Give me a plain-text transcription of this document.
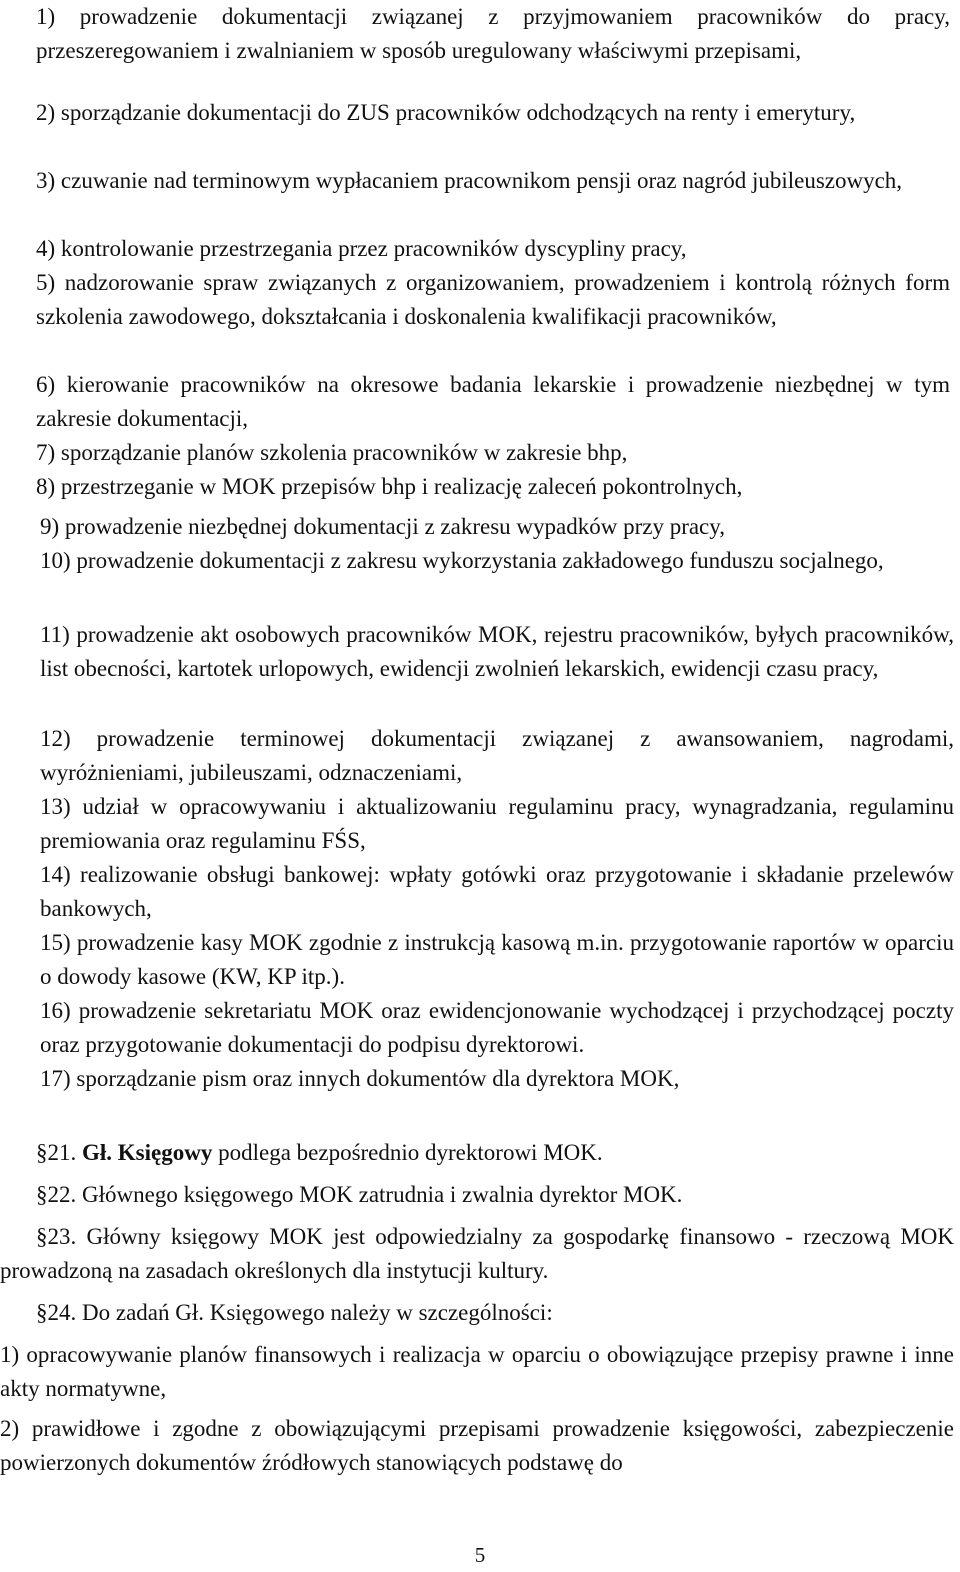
1) prowadzenie dokumentacji związanej z przyjmowaniem pracowników do pracy, przeszeregowaniem i zwalnianiem w sposób uregulowany właściwymi przepisami,

2) sporządzanie dokumentacji do ZUS pracowników odchodzących na renty i emerytury,

3) czuwanie nad terminowym wypłacaniem pracownikom pensji oraz nagród jubileuszowych,

4) kontrolowanie przestrzegania przez pracowników dyscypliny pracy,

5) nadzorowanie spraw związanych z organizowaniem, prowadzeniem i kontrolą różnych form szkolenia zawodowego, dokształcania i doskonalenia kwalifikacji pracowników,

6) kierowanie pracowników na okresowe badania lekarskie i prowadzenie niezbędnej w tym zakresie dokumentacji,

7) sporządzanie planów szkolenia pracowników w zakresie bhp,

8) przestrzeganie w MOK przepisów bhp i realizację zaleceń pokontrolnych,

9) prowadzenie niezbędnej dokumentacji z zakresu wypadków przy pracy,

10) prowadzenie dokumentacji z zakresu wykorzystania zakładowego funduszu socjalnego,

11) prowadzenie akt osobowych pracowników MOK, rejestru pracowników, byłych pracowników, list obecności, kartotek urlopowych, ewidencji zwolnień lekarskich, ewidencji czasu pracy,

12) prowadzenie terminowej dokumentacji związanej z awansowaniem, nagrodami, wyróżnieniami, jubileuszami, odznaczeniami,

13) udział w opracowywaniu i aktualizowaniu regulaminu pracy, wynagradzania, regulaminu premiowania oraz regulaminu FŚS,

14) realizowanie obsługi bankowej: wpłaty gotówki oraz przygotowanie i składanie przelewów bankowych,

15) prowadzenie kasy MOK zgodnie z instrukcją kasową m.in. przygotowanie raportów w oparciu o dowody kasowe (KW, KP itp.).

16) prowadzenie sekretariatu MOK oraz ewidencjonowanie wychodzącej i przychodzącej poczty oraz przygotowanie dokumentacji do podpisu dyrektorowi.

17) sporządzanie pism oraz innych dokumentów dla dyrektora MOK,

§21. Gł. Księgowy podlega bezpośrednio dyrektorowi MOK.

§22. Głównego księgowego MOK zatrudnia i zwalnia dyrektor MOK.

§23. Główny księgowy MOK jest odpowiedzialny za gospodarkę finansowo - rzeczową MOK prowadzoną na zasadach określonych dla instytucji kultury.

§24. Do zadań Gł. Księgowego należy w szczególności:

1) opracowywanie planów finansowych i realizacja w oparciu o obowiązujące przepisy prawne i inne akty normatywne,

2) prawidłowe i zgodne z obowiązującymi przepisami prowadzenie księgowości, zabezpieczenie powierzonych dokumentów źródłowych stanowiących podstawę do

5
